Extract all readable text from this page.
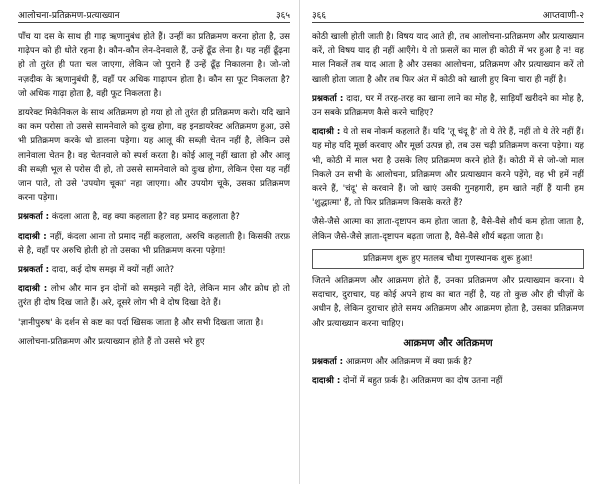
आलोचना-प्रतिक्रमण-प्रत्याख्यान	३६५

पाँच या दस के साथ ही गाढ़ ऋणानुबंध होते हैं। उन्हीं का प्रतिक्रमण करना होता है, उस गाढ़ेपन को ही धोते रहना है। कौन-कौन लेन-देनवाले हैं, उन्हें ढूँढ लेना है। यह नहीं ढूँढ़ना हो तो तुरंत ही पता चल जाएगा, लेकिन जो पुराने हैं उन्हें ढूँढ़ निकालना है। जो-जो नज़दीक के ऋणानुबंधी हैं, वहाँ पर अधिक गाढ़ापन होता है। कौन सा फूट निकलता है? जो अधिक गाढ़ा होता है, वही फूट निकलता है।

डायरेक्ट मिकेनिकल के साथ अतिक्रमण हो गया हो तो तुरंत ही प्रतिक्रमण करो। यदि खाने का कम परोसा तो उससे सामनेवाले को दुःख होगा, वह इनडायरेक्ट अतिक्रमण हुआ, उसे भी प्रतिक्रमण करके धो डालना पड़ेगा। यह आलू की सब्ज़ी चेतन नहीं है, लेकिन उसे लानेवाला चेतन है। वह चेतनवाले को स्पर्श करता है। कोई आलू नहीं खाता हो और आलू की सब्ज़ी भूल से परोस दी हो, तो उससे सामनेवाले को दुःख होगा, लेकिन ऐसा यह नहीं जान पाते, तो उसे 'उपयोग चूका' नहा जाएगा। और उपयोग चूके, उसका प्रतिक्रमण करना पड़ेगा।

प्रश्नकर्ता : कंदला आता है, वह क्या कहलाता है? वह प्रमाद कहलाता है?

दादाश्री : नहीं, कंदला आना तो प्रमाद नहीं कहलाता, अरुचि कहलाती है। किसकी तरफ़ से है, वहाँ पर अरुचि होती हो तो उसका भी प्रतिक्रमण करना पड़ेगा!

प्रश्नकर्ता : दादा, कई दोष समझ में क्यों नहीं आते?

दादाश्री : लोभ और मान इन दोनों को समझने नहीं देते, लेकिन मान और क्रोध हो तो तुरंत ही दोष दिख जाते हैं। अरे, दूसरे लोग भी वे दोष दिखा देते हैं।

'ज्ञानीपुरुष' के दर्शन से कष्ट का पर्दा खिसक जाता है और सभी दिखता जाता है।

आलोचना-प्रतिक्रमण और प्रत्याख्यान होते हैं तो उससे भरे हुए

३६६	आप्तवाणी-२

कोठी खाली होती जाती है। विषय याद आते ही, तब आलोचना-प्रतिक्रमण और प्रत्याख्यान करें, तो विषय याद ही नहीं आएँगे। ये तो फ़सलें का माल ही कोठी में भर हुआ है न! वह माल निकलें तब याद आता है और उसका आलोचना, प्रतिक्रमण और प्रत्याख्यान करें तो खाली होता जाता है और तब फिर अंत में कोठी को खाली हुए बिना चारा ही नहीं है।

प्रश्नकर्ता : दादा, घर में तरह-तरह का खाना लाने का मोह है, साड़ियाँ खरीदने का मोह है, उन सबके प्रतिक्रमण कैसे करने चाहिए?

दादाश्री : ये तो सब नोकर्म कहलाते हैं। यदि 'तू चंदू है' तो ये तेरे हैं, नहीं तो ये तेरे नहीं हैं। यह मोह यदि मूर्छा करवाए और मूर्छा उत्पन्न हो, तब उस चढ़ी प्रतिक्रमण करना पड़ेगा। यह भी, कोठी में माल भरा है उसके लिए प्रतिक्रमण करने होते हैं। कोठी में से जो-जो माल निकले उन सभी के आलोचना, प्रतिक्रमण और प्रत्याख्यान करने पड़ेंगे, वह भी हमें नहीं करने हैं, 'चंदू' से करवाने हैं। जो खाएं उसकी गुनहगारी, हम खाते नहीं हैं यानी हम 'शुद्धात्मा' हैं, तो फिर प्रतिक्रमण किसके करते हैं?

जैसे-जैसे आत्मा का ज्ञाता-दृष्टापन कम होता जाता है, वैसे-वैसे शौर्य कम होता जाता है, लेकिन जैसे-जैसे ज्ञाता-दृष्टापन बढ़ता जाता है, वैसे-वैसे शौर्य बढ़ता जाता है।

प्रतिक्रमण शुरू हुए मतलब चौथा गुणस्थानक शुरू हुआ!

जितने अतिक्रमण और आक्रमण होते हैं, उनका प्रतिक्रमण और प्रत्याख्यान करना। ये सदाचार, दुराचार, यह कोई अपने हाथ का बात नहीं है, यह तो कुछ और ही चीज़ों के अधीन है, लेकिन दुराचार होते समय अतिक्रमण और आक्रमण होता है, उसका प्रतिक्रमण और प्रत्याख्यान करना चाहिए।

आक्रमण और अतिक्रमण

प्रश्नकर्ता : आक्रमण और अतिक्रमण में क्या फ़र्क है?

दादाश्री : दोनों में बहुत फ़र्क है। अतिक्रमण का दोष उतना नहीं
